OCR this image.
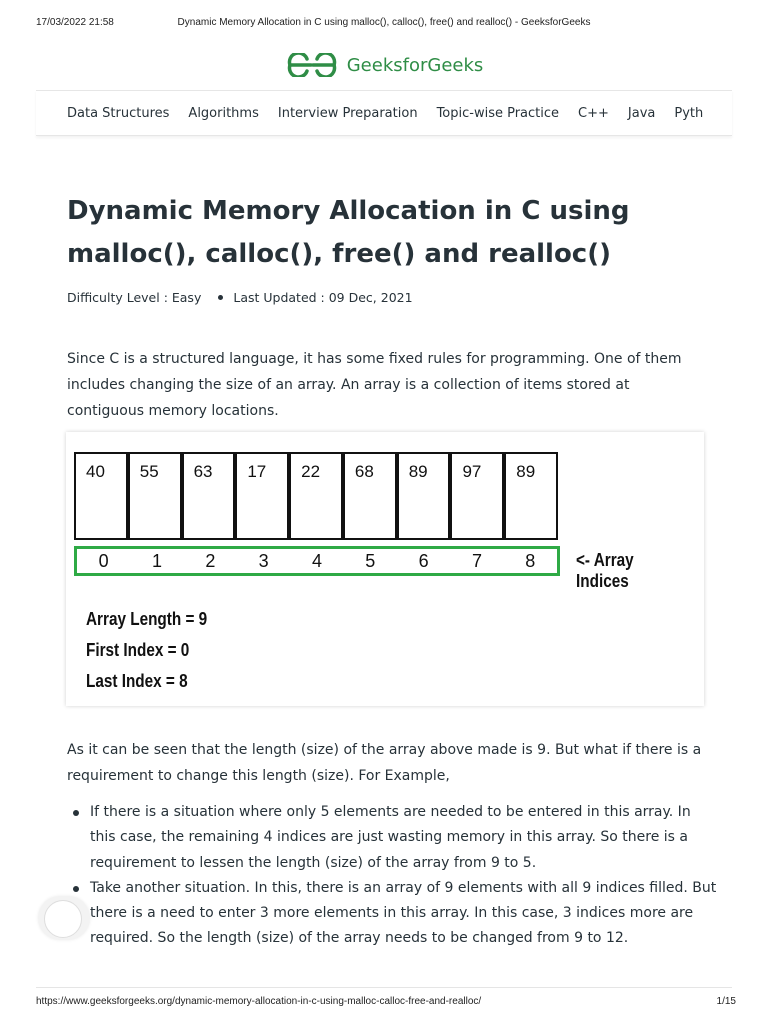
17/03/2022 21:58	Dynamic Memory Allocation in C using malloc(), calloc(), free() and realloc() - GeeksforGeeks
GeeksforGeeks
Data Structures Algorithms Interview Preparation Topic-wise Practice C++ Java Pyth
Dynamic Memory Allocation in C using malloc(), calloc(), free() and realloc()
Difficulty Level : Easy	Last Updated : 09 Dec, 2021

Since C is a structured language, it has some fixed rules for programming. One of them includes changing the size of an array. An array is a collection of items stored at contiguous memory locations.

40	55	63	17	22	68	89	97	89
0	1	2	3	4	5	6	7	8	<- Array Indices
Array Length = 9
First Index = 0
Last Index = 8

As it can be seen that the length (size) of the array above made is 9. But what if there is a requirement to change this length (size). For Example,

If there is a situation where only 5 elements are needed to be entered in this array. In this case, the remaining 4 indices are just wasting memory in this array. So there is a requirement to lessen the length (size) of the array from 9 to 5.
Take another situation. In this, there is an array of 9 elements with all 9 indices filled. But there is a need to enter 3 more elements in this array. In this case, 3 indices more are required. So the length (size) of the array needs to be changed from 9 to 12.
https://www.geeksforgeeks.org/dynamic-memory-allocation-in-c-using-malloc-calloc-free-and-realloc/	1/15
